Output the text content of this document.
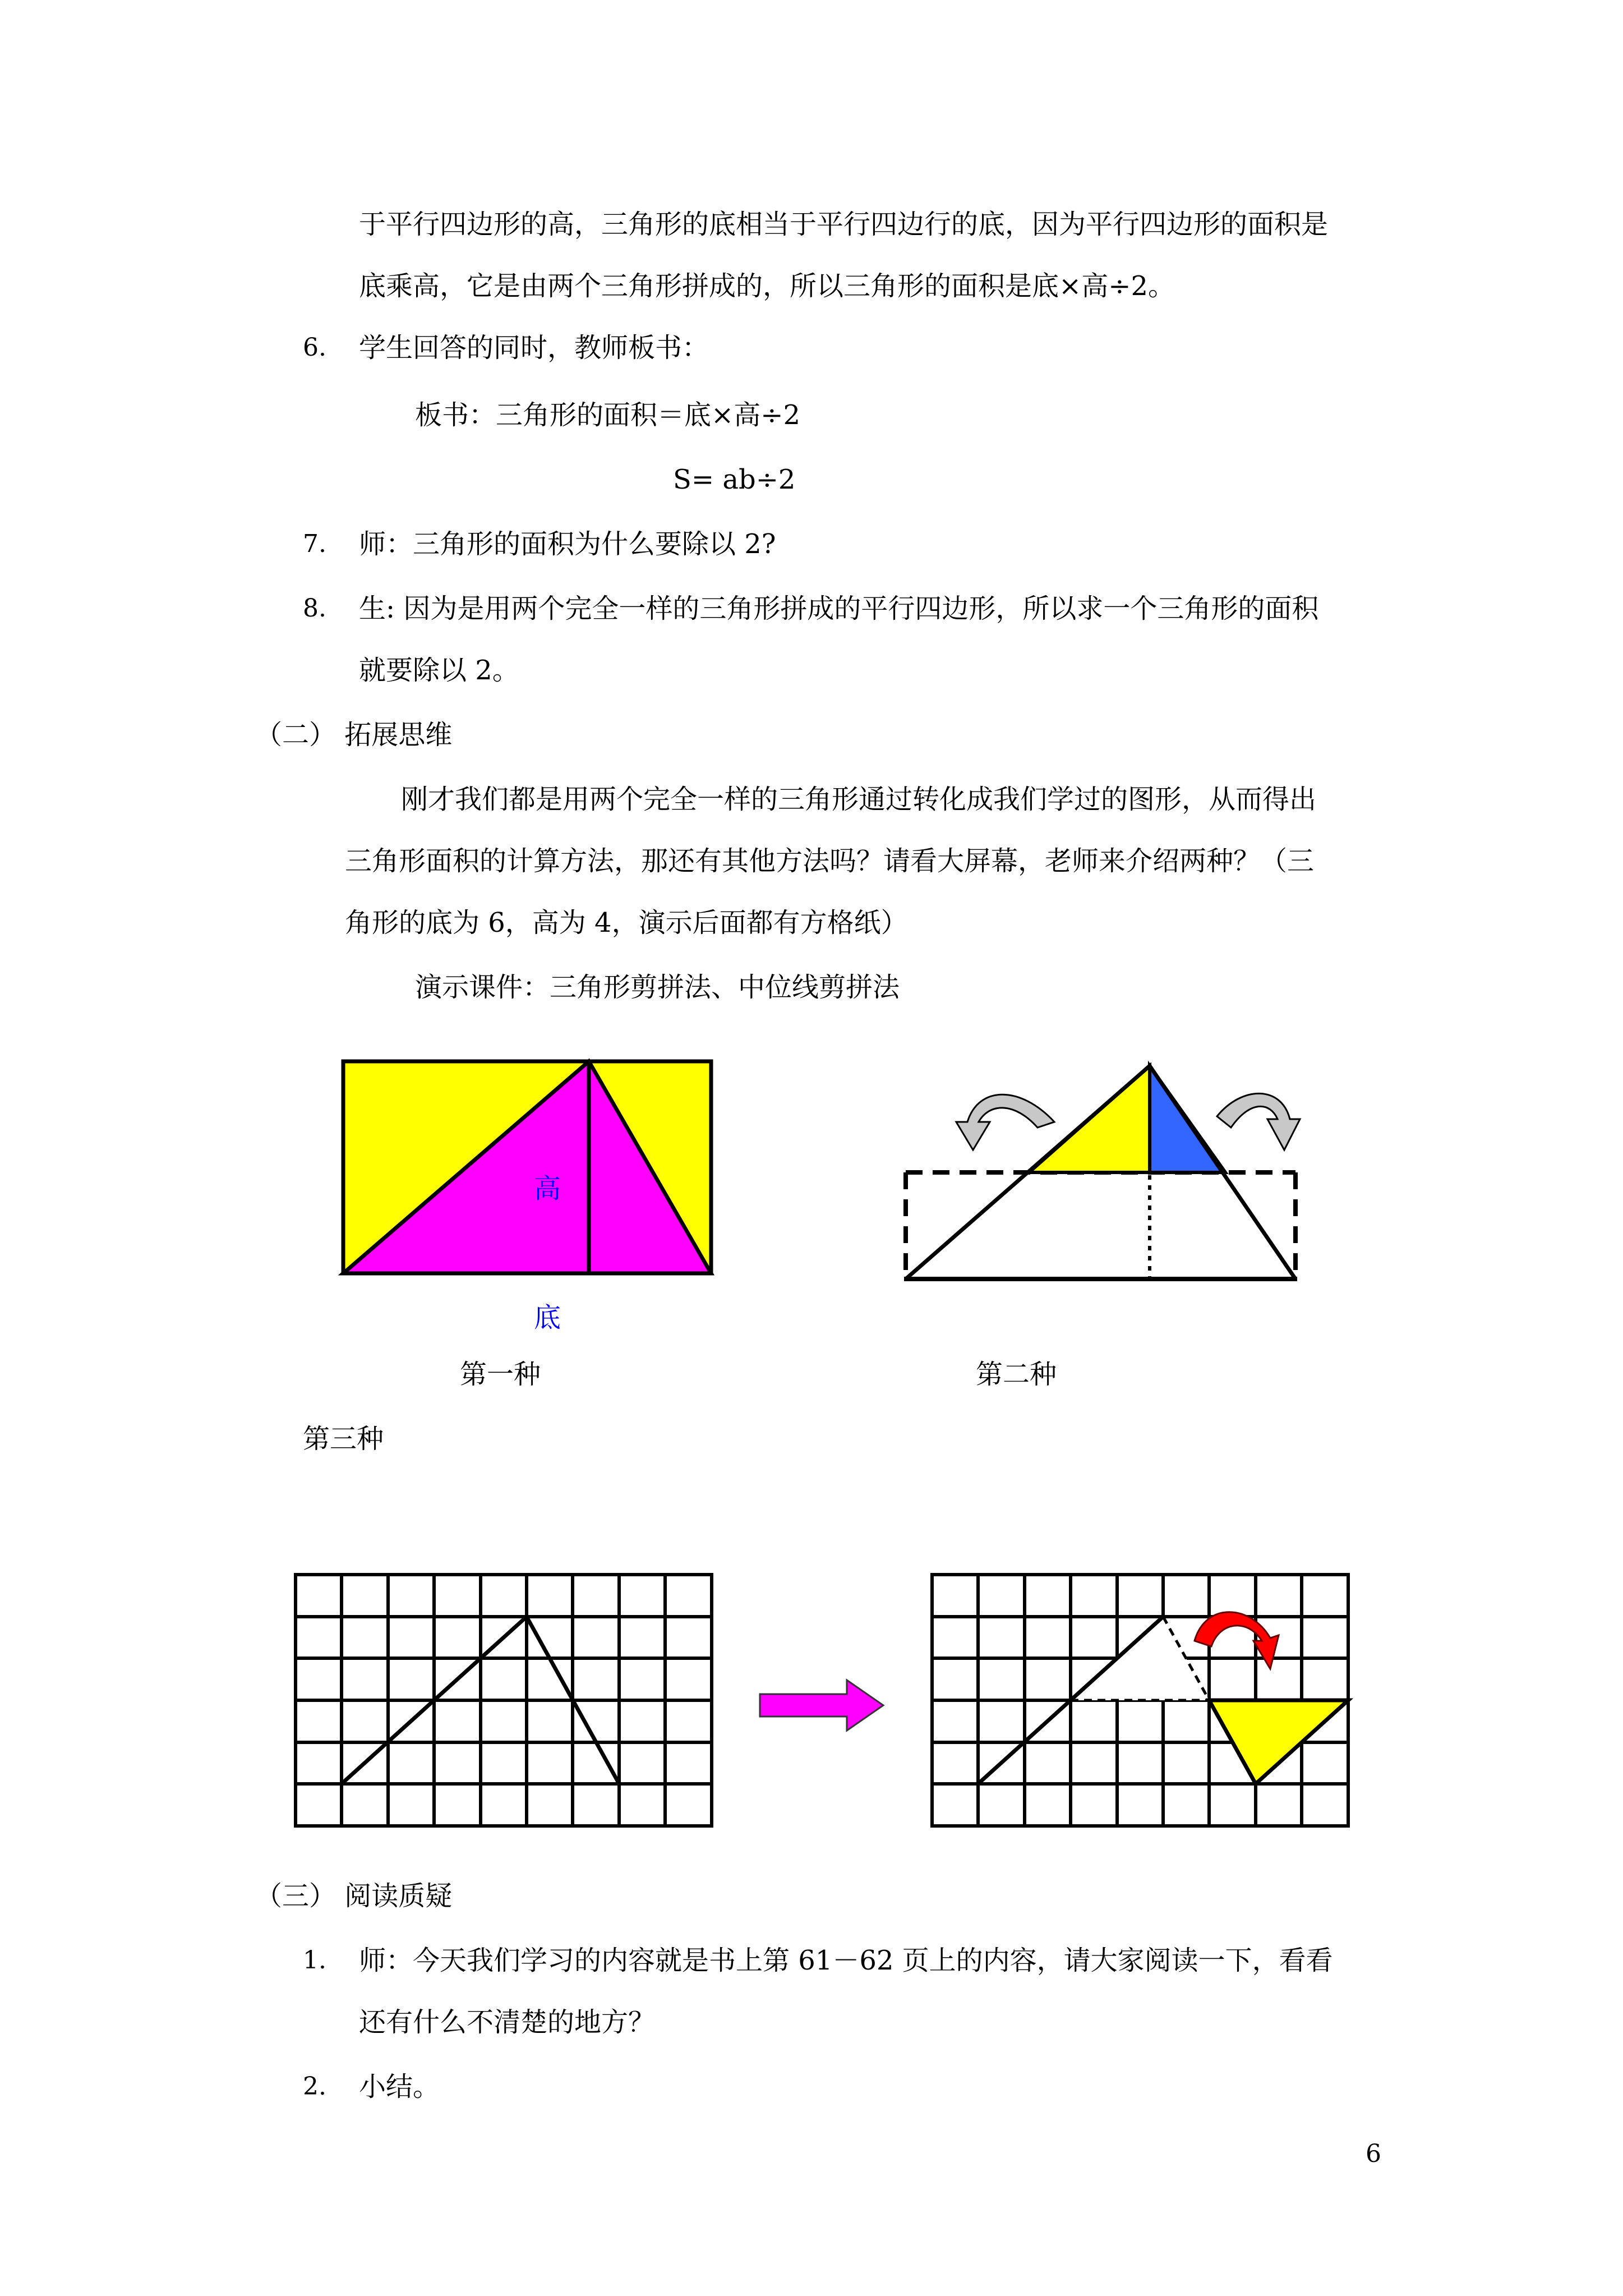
于平行四边形的高，三角形的底相当于平行四边行的底，因为平行四边形的面积是
底乘高，它是由两个三角形拼成的，所以三角形的面积是底×高÷2。
6. 学生回答的同时，教师板书：
板书：三角形的面积＝底×高÷2
S= ab÷2
7. 师：三角形的面积为什么要除以 2?
8. 生: 因为是用两个完全一样的三角形拼成的平行四边形，所以求一个三角形的面积
就要除以 2。
（二） 拓展思维
刚才我们都是用两个完全一样的三角形通过转化成我们学过的图形，从而得出
三角形面积的计算方法，那还有其他方法吗？请看大屏幕，老师来介绍两种？（三
角形的底为 6，高为 4，演示后面都有方格纸）
演示课件：三角形剪拼法、中位线剪拼法
高
底
第一种	第二种
第三种
（三） 阅读质疑
1. 师：今天我们学习的内容就是书上第 61－62 页上的内容，请大家阅读一下，看看
还有什么不清楚的地方？
2. 小结。
6
